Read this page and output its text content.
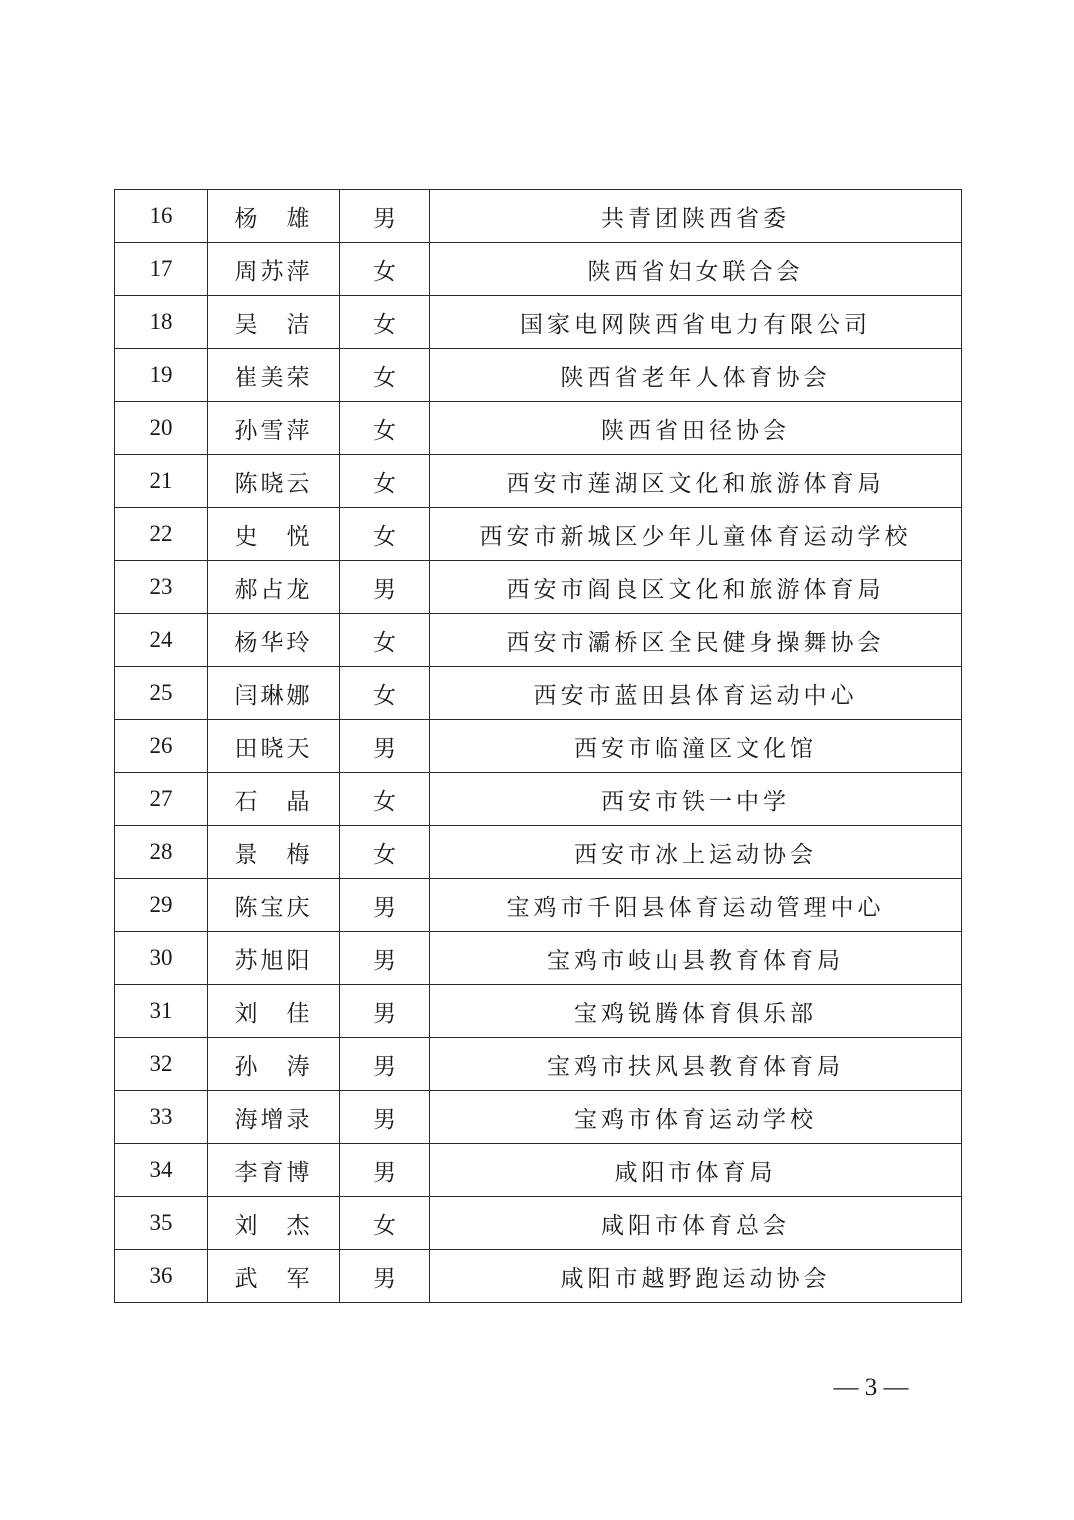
16	杨　雄	男	共青团陕西省委
17	周苏萍	女	陕西省妇女联合会
18	吴　洁	女	国家电网陕西省电力有限公司
19	崔美荣	女	陕西省老年人体育协会
20	孙雪萍	女	陕西省田径协会
21	陈晓云	女	西安市莲湖区文化和旅游体育局
22	史　悦	女	西安市新城区少年儿童体育运动学校
23	郝占龙	男	西安市阎良区文化和旅游体育局
24	杨华玲	女	西安市灞桥区全民健身操舞协会
25	闫琳娜	女	西安市蓝田县体育运动中心
26	田晓天	男	西安市临潼区文化馆
27	石　晶	女	西安市铁一中学
28	景　梅	女	西安市冰上运动协会
29	陈宝庆	男	宝鸡市千阳县体育运动管理中心
30	苏旭阳	男	宝鸡市岐山县教育体育局
31	刘　佳	男	宝鸡锐腾体育俱乐部
32	孙　涛	男	宝鸡市扶风县教育体育局
33	海增录	男	宝鸡市体育运动学校
34	李育博	男	咸阳市体育局
35	刘　杰	女	咸阳市体育总会
36	武　军	男	咸阳市越野跑运动协会
— 3 —
